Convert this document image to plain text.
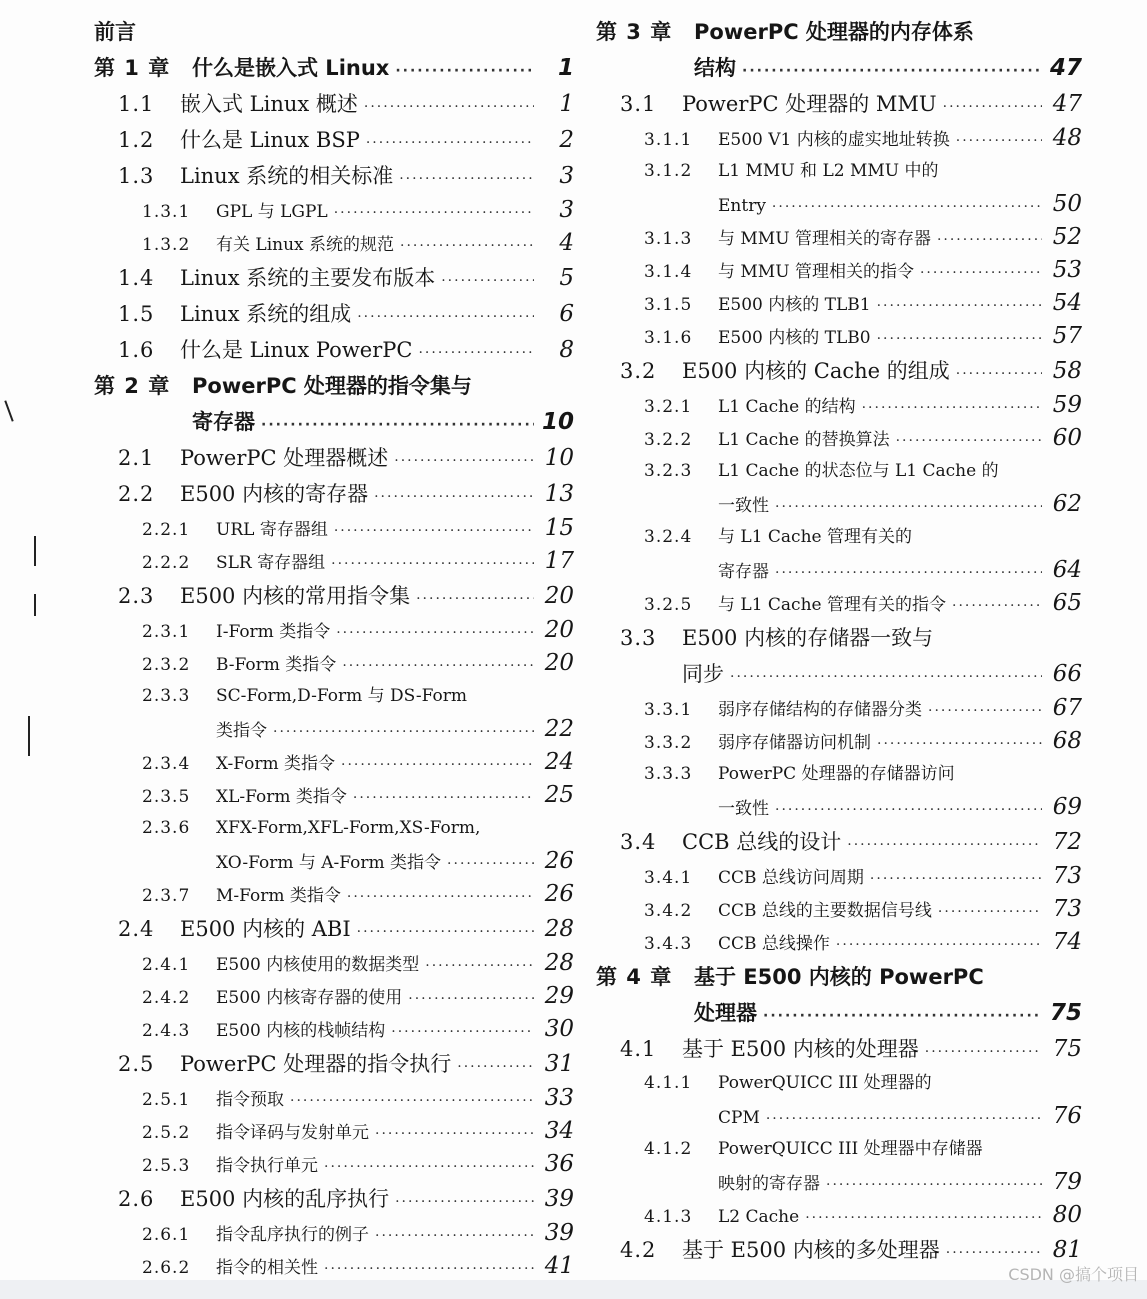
前言
第 1 章	什么是嵌入式 Linux ·····	1
1.1	嵌入式 Linux 概述 ·····	1
1.2	什么是 Linux BSP ·····	2
1.3	Linux 系统的相关标准 ·····	3
1.3.1	GPL 与 LGPL ·····	3
1.3.2	有关 Linux 系统的规范 ·····	4
1.4	Linux 系统的主要发布版本 ·····	5
1.5	Linux 系统的组成 ·····	6
1.6	什么是 Linux PowerPC ·····	8
第 2 章	PowerPC 处理器的指令集与
寄存器 ·····	10
2.1	PowerPC 处理器概述 ·····	10
2.2	E500 内核的寄存器 ·····	13
2.2.1	URL 寄存器组 ·····	15
2.2.2	SLR 寄存器组 ·····	17
2.3	E500 内核的常用指令集 ·····	20
2.3.1	I-Form 类指令 ·····	20
2.3.2	B-Form 类指令 ·····	20
2.3.3	SC-Form,D-Form 与 DS-Form
类指令 ·····	22
2.3.4	X-Form 类指令 ·····	24
2.3.5	XL-Form 类指令 ·····	25
2.3.6	XFX-Form,XFL-Form,XS-Form,
XO-Form 与 A-Form 类指令 ·····	26
2.3.7	M-Form 类指令 ·····	26
2.4	E500 内核的 ABI ·····	28
2.4.1	E500 内核使用的数据类型 ·····	28
2.4.2	E500 内核寄存器的使用 ·····	29
2.4.3	E500 内核的栈帧结构 ·····	30
2.5	PowerPC 处理器的指令执行 ·····	31
2.5.1	指令预取 ·····	33
2.5.2	指令译码与发射单元 ·····	34
2.5.3	指令执行单元 ·····	36
2.6	E500 内核的乱序执行 ·····	39
2.6.1	指令乱序执行的例子 ·····	39
2.6.2	指令的相关性 ·····	41
第 3 章	PowerPC 处理器的内存体系
结构 ·····	47
3.1	PowerPC 处理器的 MMU ·····	47
3.1.1	E500 V1 内核的虚实地址转换 ·····	48
3.1.2	L1 MMU 和 L2 MMU 中的
Entry ·····	50
3.1.3	与 MMU 管理相关的寄存器 ·····	52
3.1.4	与 MMU 管理相关的指令 ·····	53
3.1.5	E500 内核的 TLB1 ·····	54
3.1.6	E500 内核的 TLB0 ·····	57
3.2	E500 内核的 Cache 的组成 ·····	58
3.2.1	L1 Cache 的结构 ·····	59
3.2.2	L1 Cache 的替换算法 ·····	60
3.2.3	L1 Cache 的状态位与 L1 Cache 的
一致性 ·····	62
3.2.4	与 L1 Cache 管理有关的
寄存器 ·····	64
3.2.5	与 L1 Cache 管理有关的指令 ·····	65
3.3	E500 内核的存储器一致与
同步 ·····	66
3.3.1	弱序存储结构的存储器分类 ·····	67
3.3.2	弱序存储器访问机制 ·····	68
3.3.3	PowerPC 处理器的存储器访问
一致性 ·····	69
3.4	CCB 总线的设计 ·····	72
3.4.1	CCB 总线访问周期 ·····	73
3.4.2	CCB 总线的主要数据信号线 ·····	73
3.4.3	CCB 总线操作 ·····	74
第 4 章	基于 E500 内核的 PowerPC
处理器 ·····	75
4.1	基于 E500 内核的处理器 ·····	75
4.1.1	PowerQUICC III 处理器的
CPM ·····	76
4.1.2	PowerQUICC III 处理器中存储器
映射的寄存器 ·····	79
4.1.3	L2 Cache ·····	80
4.2	基于 E500 内核的多处理器 ·····	81
CSDN @搞个项目
